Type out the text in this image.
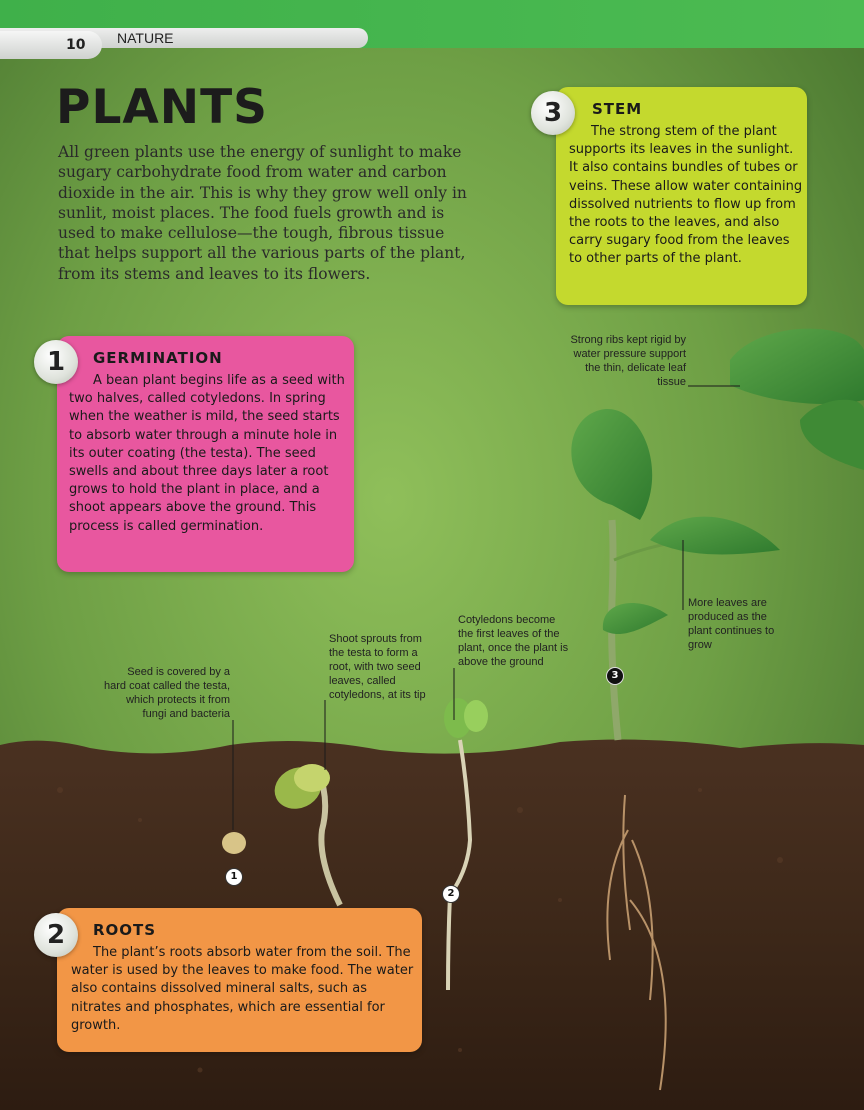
10	NATURE
PLANTS

All green plants use the energy of sunlight to make sugary carbohydrate food from water and carbon dioxide in the air. This is why they grow well only in sunlit, moist places. The food fuels growth and is used to make cellulose—the tough, fibrous tissue that helps support all the various parts of the plant, from its stems and leaves to its flowers.

GERMINATION

A bean plant begins life as a seed with two halves, called cotyledons. In spring when the weather is mild, the seed starts to absorb water through a minute hole in its outer coating (the testa). The seed swells and about three days later a root grows to hold the plant in place, and a shoot appears above the ground. This process is called germination.

1
STEM

The strong stem of the plant supports its leaves in the sunlight. It also contains bundles of tubes or veins. These allow water containing dissolved nutrients to flow up from the roots to the leaves, and also carry sugary food from the leaves to other parts of the plant.

3
ROOTS

The plant’s roots absorb water from the soil. The water is used by the leaves to make food. The water also contains dissolved mineral salts, such as nitrates and phosphates, which are essential for growth.

2
Seed is covered by a hard coat called the testa, which protects it from fungi and bacteria
Shoot sprouts from the testa to form a root, with two seed leaves, called cotyledons, at its tip
Cotyledons become the first leaves of the plant, once the plant is above the ground
More leaves are produced as the plant continues to grow
Strong ribs kept rigid by water pressure support the thin, delicate leaf tissue
1
2
3
